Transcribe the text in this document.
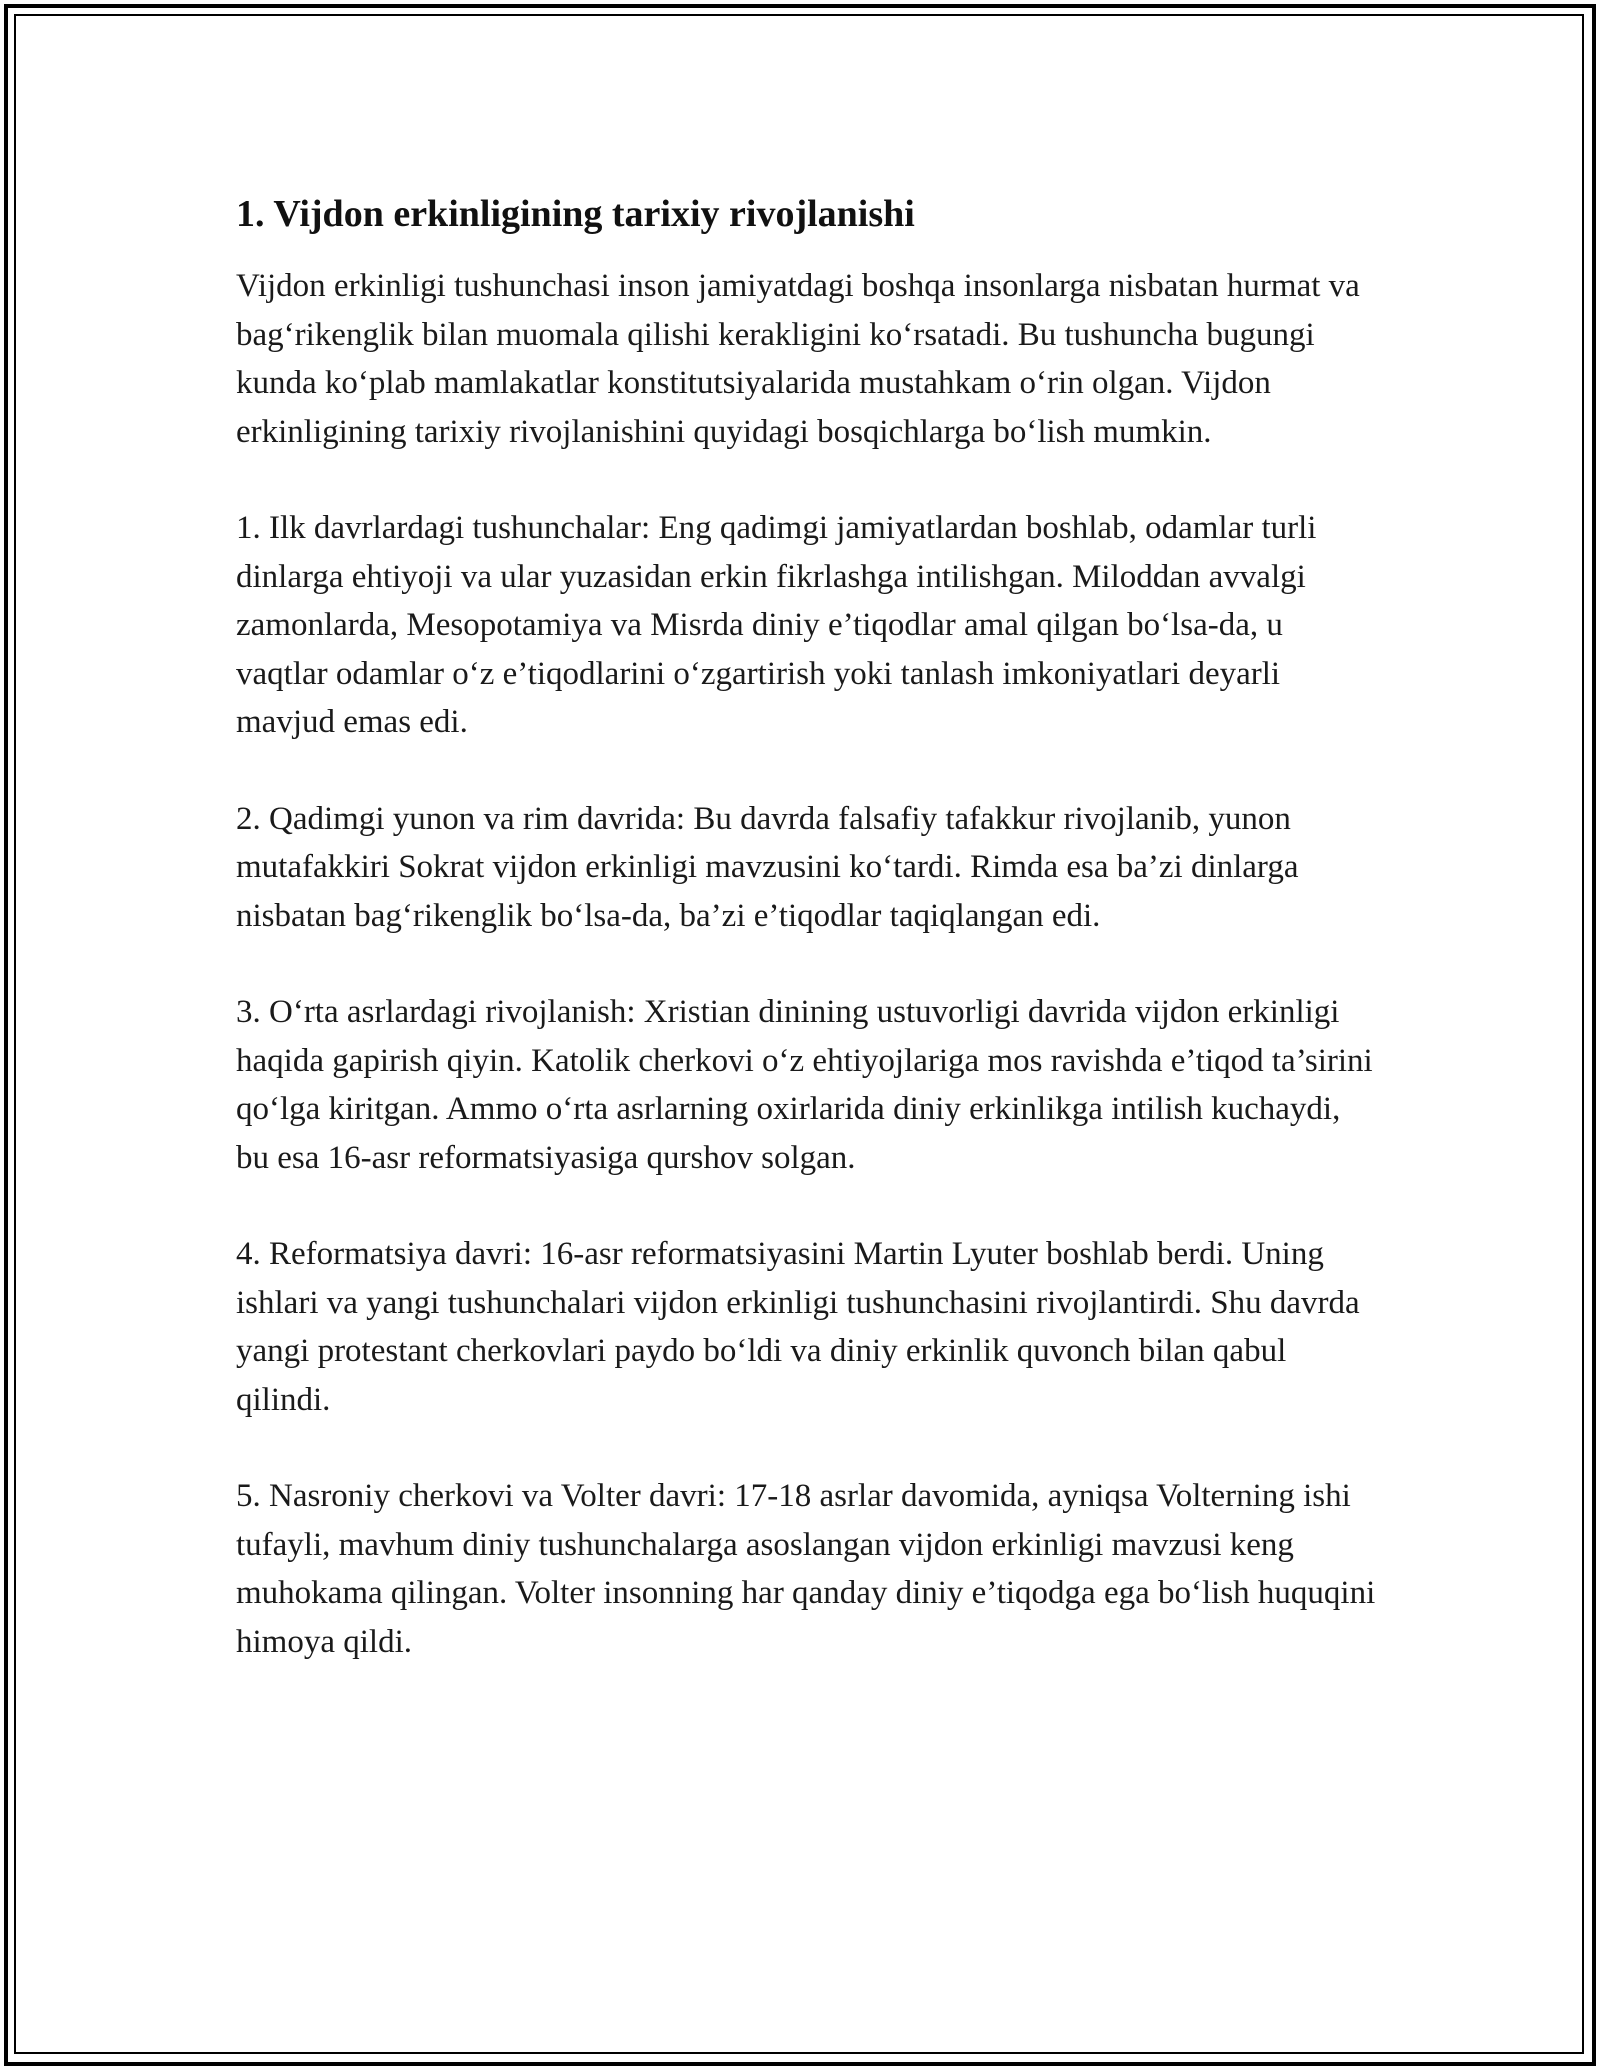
1. Vijdon erkinligining tarixiy rivojlanishi

Vijdon erkinligi tushunchasi inson jamiyatdagi boshqa insonlarga nisbatan hurmat va bag‘rikenglik bilan muomala qilishi kerakligini ko‘rsatadi. Bu tushuncha bugungi kunda ko‘plab mamlakatlar konstitutsiyalarida mustahkam o‘rin olgan. Vijdon erkinligining tarixiy rivojlanishini quyidagi bosqichlarga bo‘lish mumkin.

1. Ilk davrlardagi tushunchalar: Eng qadimgi jamiyatlardan boshlab, odamlar turli dinlarga ehtiyoji va ular yuzasidan erkin fikrlashga intilishgan. Miloddan avvalgi zamonlarda, Mesopotamiya va Misrda diniy e’tiqodlar amal qilgan bo‘lsa-da, u vaqtlar odamlar o‘z e’tiqodlarini o‘zgartirish yoki tanlash imkoniyatlari deyarli mavjud emas edi.

2. Qadimgi yunon va rim davrida: Bu davrda falsafiy tafakkur rivojlanib, yunon mutafakkiri Sokrat vijdon erkinligi mavzusini ko‘tardi. Rimda esa ba’zi dinlarga nisbatan bag‘rikenglik bo‘lsa-da, ba’zi e’tiqodlar taqiqlangan edi.

3. O‘rta asrlardagi rivojlanish: Xristian dinining ustuvorligi davrida vijdon erkinligi haqida gapirish qiyin. Katolik cherkovi o‘z ehtiyojlariga mos ravishda e’tiqod ta’sirini qo‘lga kiritgan. Ammo o‘rta asrlarning oxirlarida diniy erkinlikga intilish kuchaydi, bu esa 16-asr reformatsiyasiga qurshov solgan.

4. Reformatsiya davri: 16-asr reformatsiyasini Martin Lyuter boshlab berdi. Uning ishlari va yangi tushunchalari vijdon erkinligi tushunchasini rivojlantirdi. Shu davrda yangi protestant cherkovlari paydo bo‘ldi va diniy erkinlik quvonch bilan qabul qilindi.

5. Nasroniy cherkovi va Volter davri: 17-18 asrlar davomida, ayniqsa Volterning ishi tufayli, mavhum diniy tushunchalarga asoslangan vijdon erkinligi mavzusi keng muhokama qilingan. Volter insonning har qanday diniy e’tiqodga ega bo‘lish huquqini himoya qildi.
